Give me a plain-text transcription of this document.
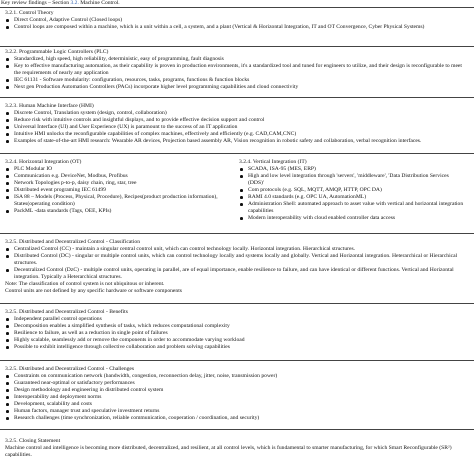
Key review findings – Section 3.2. Machine Control.
3.2.1. Control Theory
Direct Control, Adaptive Control (Closed loops)
Control loops are composed within a machine, which is a unit within a cell, a system, and a plant (Vertical & Horizontal Integration, IT and OT Convergence, Cyber Physical Systems)
3.2.2. Programmable Logic Controllers (PLC)
Standardized, high speed, high reliability, deterministic, easy of programming, fault diagnosis
Key to effective manufacturing automation, as their capability is proven in production environments, it's a standardized tool and tuned for engineers to utilize, and their design is reconfigurable to meet the requirements of nearly any application
IEC 61131 - Software modularity: configuration, resources, tasks, programs, functions & function blocks
Next gen Production Automation Controllers (PACs) incorporate higher level programming capabilities and cloud connectivity
3.2.3. Human Machine Interface (HMI)
Discrete Control, Translation system (design, control, collaboration)
Reduce risk with intuitive controls and insightful displays, and to provide effective decision support and control
Universal Interface (UI) and User Experience (UX) is paramount to the success of an IT application
Intuitive HMI unlocks the reconfigurable capabilities of complex machines, effectively and efficiently (e.g. CAD,CAM,CNC)
Examples of state-of-the-art HMI research: Wearable AR devices, Projection based assembly AR, Vision recognition in robotic safety and collaboration, verbal recognition interfaces.
3.2.4. Horizontal Integration (OT)
PLC Modular IO
Communication e.g. DeviceNet, Modbus, Profibus
Network Topologies p-to-p, daisy chain, ring, star, tree
Distributed event programing IEC 61499
ISA 88 – Models (Process, Physical, Procedure), Recipes(product production information), States(operating condition)
PackML -data standards (Tags, OEE, KPIs)
3.2.4. Vertical Integration (IT)
SCADA, ISA-95 (MES, ERP)
High and low level integration through 'servers', 'middleware', 'Data Distribution Services (DDS)'
Com protocols (e.g. SQL, MQTT, AMQP, HTTP, OPC DA)
RAMI 4.0 standards (e.g. OPC UA, AutomationML)
Administration Shell: automated approach to asset value with vertical and horizontal integration capabilities
Modern interoperability with cloud enabled controller data access
3.2.5. Distributed and Decentralized Control - Classification
Centralized Control (CC) - maintain a singular central control unit, which can control technology locally. Horizontal integration. Hierarchical structures.
Distributed Control (DC) - singular or multiple control units, which can control technology locally and systems locally and globally. Vertical and Horizontal integration. Heterarchical or Hierarchical structures.
Decentralized Control (DzC) - multiple control units, operating in parallel, are of equal importance, enable resilience to failure, and can have identical or different functions. Vertical and Horizontal integration. Typically a Heterarchical structures.
Note: The classification of control system is not ubiquitous or inherent.
Control units are not defined by any specific hardware or software components
3.2.5. Distributed and Decentralized Control - Benefits
Independent parallel control operations
Decomposition enables a simplified synthesis of tasks, which reduces computational complexity
Resilience to failure, as well as a reduction in single point of failures
Highly scalable, seamlessly add or remove the components in order to accommodate varying workload
Possible to exhibit intelligence through collective collaboration and problem solving capabilities
3.2.5. Distributed and Decentralized Control - Challenges
Constraints on communication network (bandwidth, congestion, reconnection delay, jitter, noise, transmission power)
Guaranteed near-optimal or satisfactory performances
Design methodology and engineering in distributed control system
Interoperability and deployment norms
Development, scalability and costs
Human factors, manager trust and speculative investment returns
Research challenges (time synchronization, reliable communication, cooperation / coordination, and security)
3.2.5. Closing Statement
Machine control and intelligence is becoming more distributed, decentralized, and resilient, at all control levels, which is fundamental to smarter manufacturing, for which Smart Reconfigurable (SR²) capabilities.
